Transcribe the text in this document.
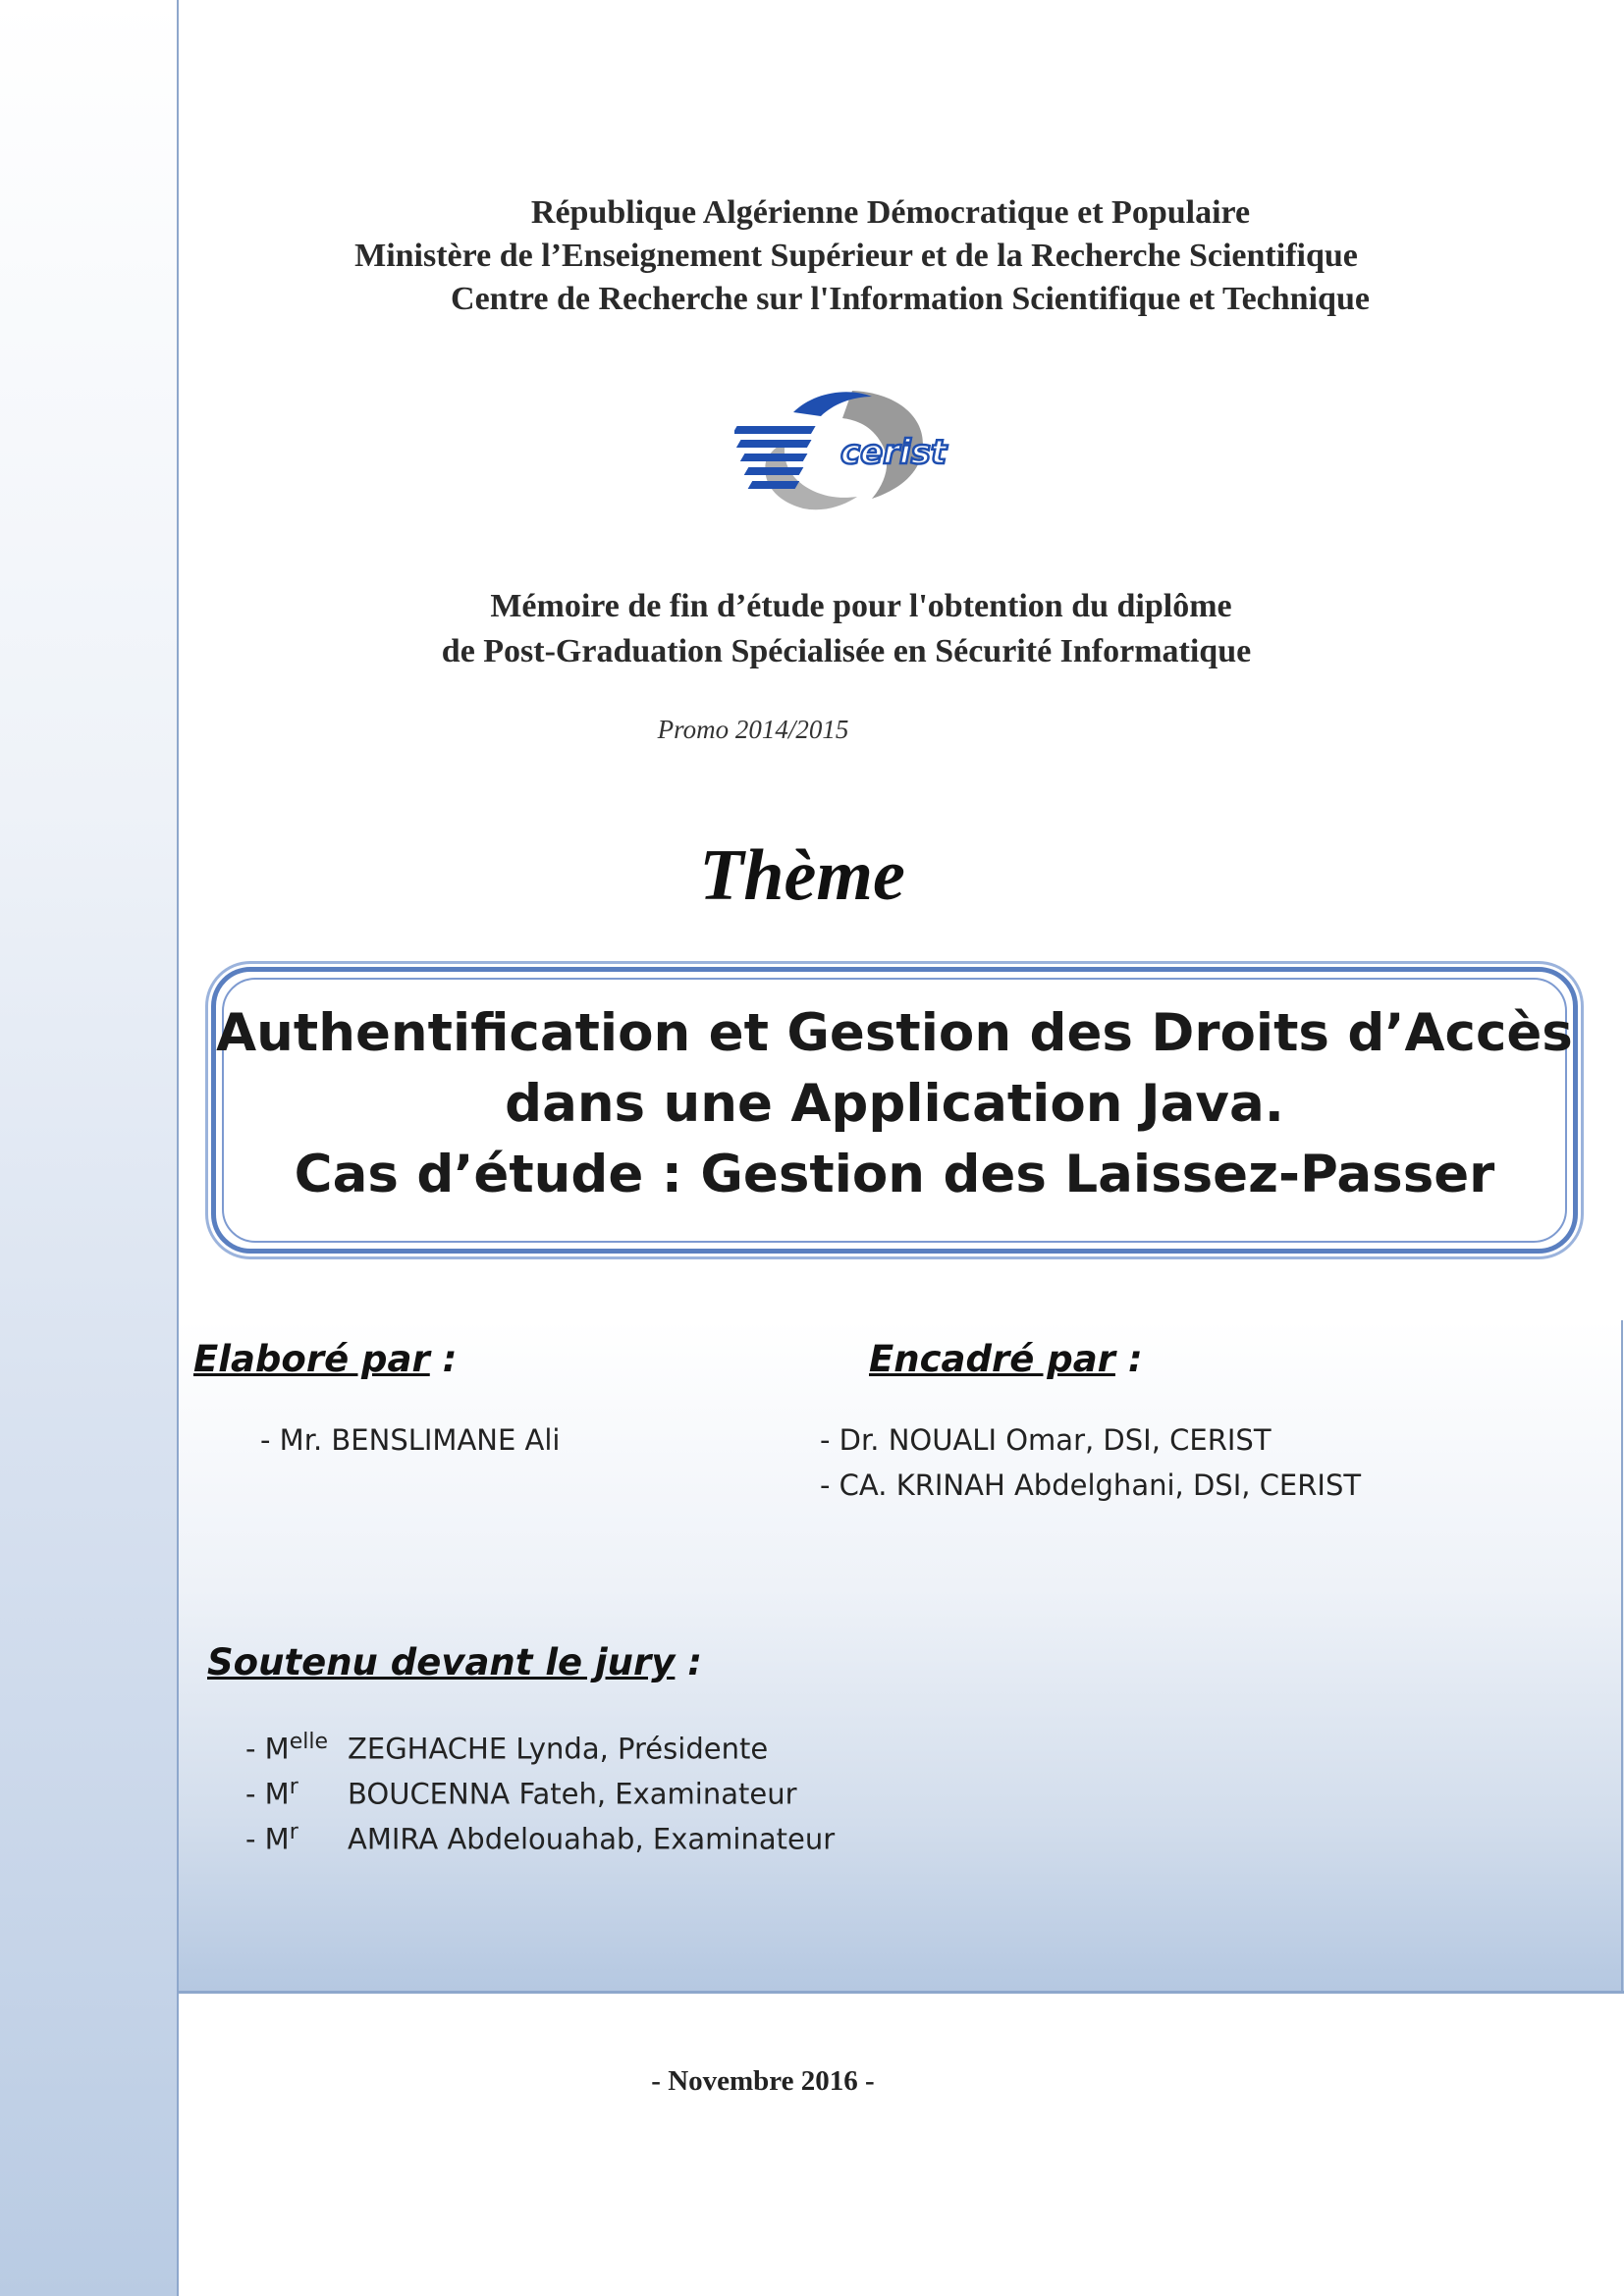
République Algérienne Démocratique et Populaire
Ministère de l’Enseignement Supérieur et de la Recherche Scientifique
Centre de Recherche sur l'Information Scientifique et Technique
cerist
Mémoire de fin d’étude pour l'obtention du diplôme
de Post-Graduation Spécialisée en Sécurité Informatique
Promo 2014/2015
Thème
Authentification et Gestion des Droits d’Accès
dans une Application Java.
Cas d’étude : Gestion des Laissez-Passer
Elaboré par :
- Mr. BENSLIMANE Ali
Encadré par :
- Dr. NOUALI Omar, DSI, CERIST
- CA. KRINAH Abdelghani, DSI, CERIST
Soutenu devant le jury :
- $M^{elle}$ ZEGHACHE Lynda, Présidente
- $M^r$ BOUCENNA Fateh, Examinateur
- $M^r$ AMIRA Abdelouahab, Examinateur
- Novembre 2016 -
